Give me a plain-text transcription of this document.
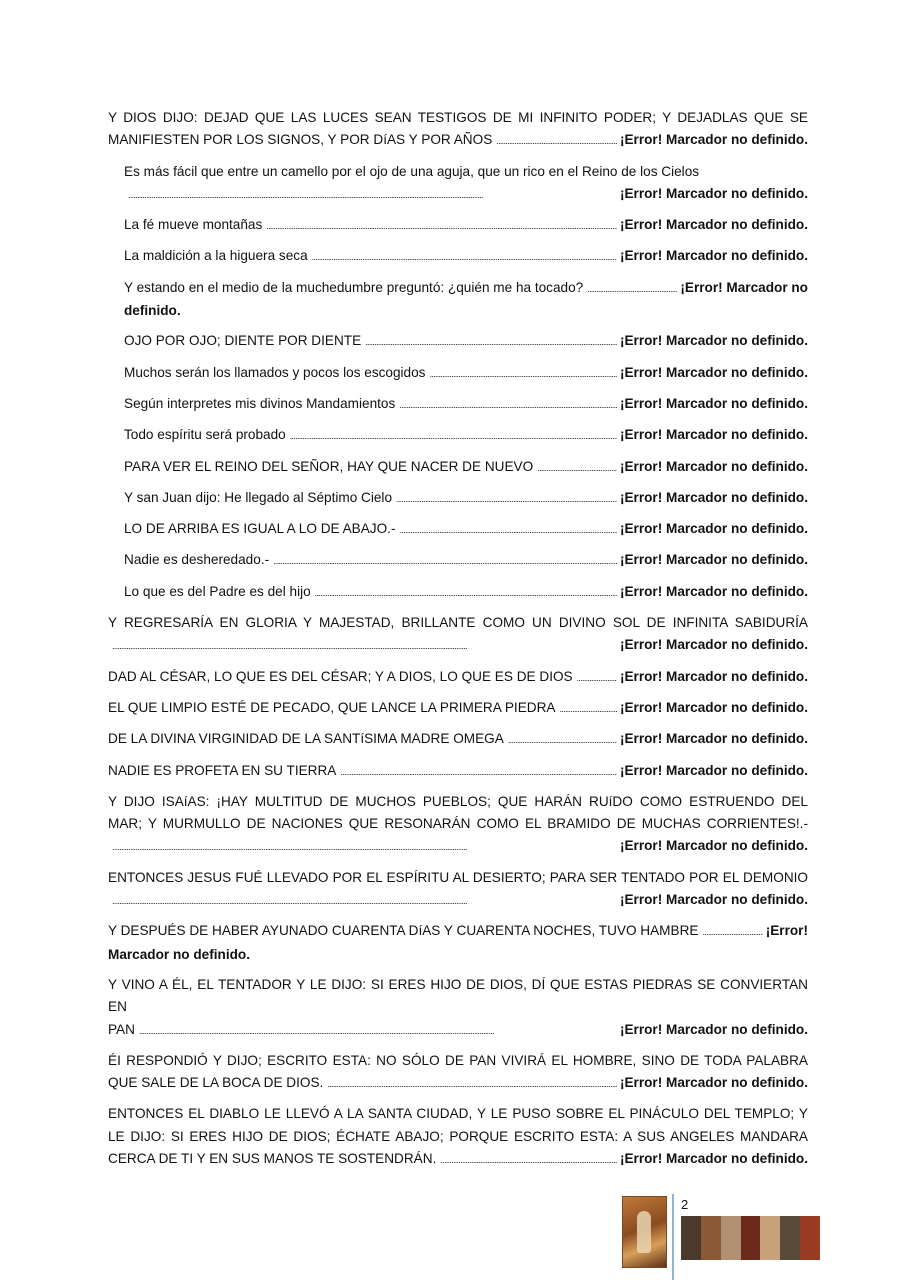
Y DIOS DIJO: DEJAD QUE LAS LUCES SEAN TESTIGOS DE MI INFINITO PODER; Y DEJADLAS QUE SE
MANIFIESTEN POR LOS SIGNOS, Y POR DíAS Y POR AÑOS . . .	¡Error! Marcador no definido.
Es más fácil que entre un camello por el ojo de una aguja, que un rico en el Reino de los Cielos
. . .
¡Error! Marcador no definido.
La fé mueve montañas . . .	¡Error! Marcador no definido.
La maldición a la higuera seca . . .	¡Error! Marcador no definido.
Y estando en el medio de la muchedumbre preguntó: ¿quién me ha tocado? . . .	¡Error! Marcador no
definido.
OJO POR OJO; DIENTE POR DIENTE . . .	¡Error! Marcador no definido.
Muchos serán los llamados y pocos los escogidos . . .	¡Error! Marcador no definido.
Según interpretes mis divinos Mandamientos . . .	¡Error! Marcador no definido.
Todo espíritu será probado . . .	¡Error! Marcador no definido.
PARA VER EL REINO DEL SEÑOR, HAY QUE NACER DE NUEVO . . .	¡Error! Marcador no definido.
Y san Juan dijo: He llegado al Séptimo Cielo . . .	¡Error! Marcador no definido.
LO DE ARRIBA ES IGUAL A LO DE ABAJO.- . . .	¡Error! Marcador no definido.
Nadie es desheredado.- . . .	¡Error! Marcador no definido.
Lo que es del Padre es del hijo . . .	¡Error! Marcador no definido.
Y REGRESARÍA EN GLORIA Y MAJESTAD, BRILLANTE COMO UN DIVINO SOL DE INFINITA SABIDURÍA
. . .
¡Error! Marcador no definido.
DAD AL CÉSAR, LO QUE ES DEL CÉSAR; Y A DIOS, LO QUE ES DE DIOS . . .	¡Error! Marcador no definido.
EL QUE LIMPIO ESTÉ DE PECADO, QUE LANCE LA PRIMERA PIEDRA . . .	¡Error! Marcador no definido.
DE LA DIVINA VIRGINIDAD DE LA SANTíSIMA MADRE OMEGA . . .	¡Error! Marcador no definido.
NADIE ES PROFETA EN SU TIERRA . . .	¡Error! Marcador no definido.
Y DIJO ISAíAS: ¡HAY MULTITUD DE MUCHOS PUEBLOS; QUE HARÁN RUíDO COMO ESTRUENDO DEL
MAR; Y MURMULLO DE NACIONES QUE RESONARÁN COMO EL BRAMIDO DE MUCHAS CORRIENTES!.-
. . .
¡Error! Marcador no definido.
ENTONCES JESUS FUÉ LLEVADO POR EL ESPÍRITU AL DESIERTO; PARA SER TENTADO POR EL DEMONIO
. . .
¡Error! Marcador no definido.
Y DESPUÉS DE HABER AYUNADO CUARENTA DíAS Y CUARENTA NOCHES, TUVO HAMBRE . . .	¡Error!
Marcador no definido.
Y VINO A ÉL, EL TENTADOR Y LE DIJO: SI ERES HIJO DE DIOS, DÍ QUE ESTAS PIEDRAS SE CONVIERTAN EN
PAN . . .	¡Error! Marcador no definido.
ÉI RESPONDIÓ Y DIJO; ESCRITO ESTA: NO SÓLO DE PAN VIVIRÁ EL HOMBRE, SINO DE TODA PALABRA
QUE SALE DE LA BOCA DE DIOS. . . .	¡Error! Marcador no definido.
ENTONCES EL DIABLO LE LLEVÓ A LA SANTA CIUDAD, Y LE PUSO SOBRE EL PINÁCULO DEL TEMPLO; Y
LE DIJO: SI ERES HIJO DE DIOS; ÉCHATE ABAJO; PORQUE ESCRITO ESTA: A SUS ANGELES MANDARA
CERCA DE TI Y EN SUS MANOS TE SOSTENDRÁN. . . .	¡Error! Marcador no definido.
2
